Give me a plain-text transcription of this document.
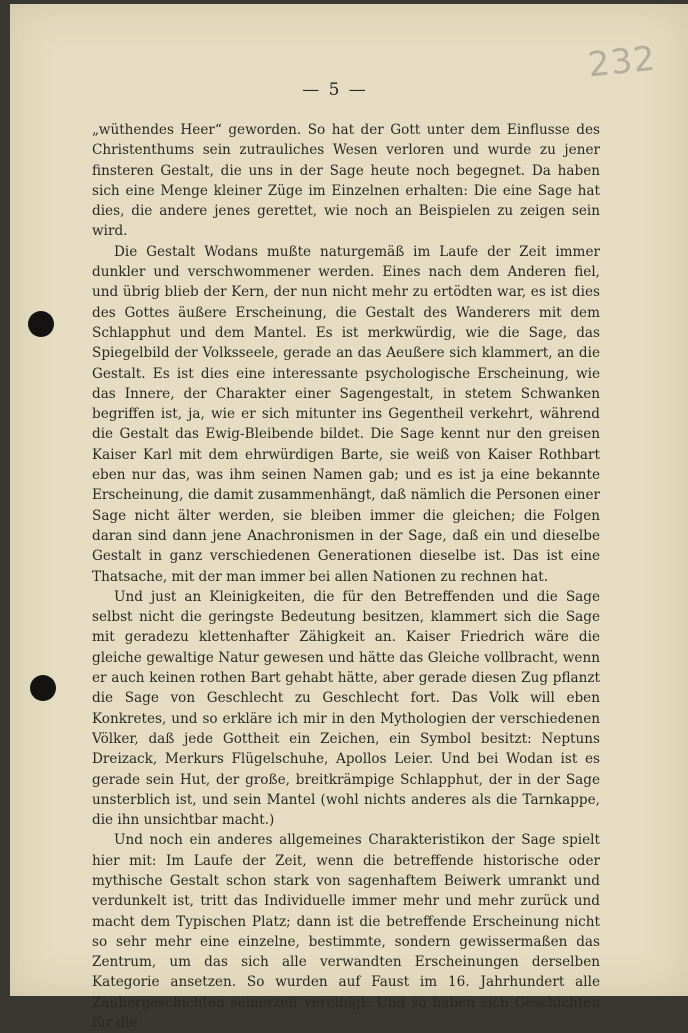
232
— 5 —

„wüthendes Heer“ geworden. So hat der Gott unter dem Einflusse des Christenthums sein zutrauliches Wesen verloren und wurde zu jener finsteren Gestalt, die uns in der Sage heute noch begegnet. Da haben sich eine Menge kleiner Züge im Einzelnen erhalten: Die eine Sage hat dies, die andere jenes gerettet, wie noch an Beispielen zu zeigen sein wird.

Die Gestalt Wodans mußte naturgemäß im Laufe der Zeit immer dunkler und verschwommener werden. Eines nach dem Anderen fiel, und übrig blieb der Kern, der nun nicht mehr zu ertödten war, es ist dies des Gottes äußere Erscheinung, die Gestalt des Wanderers mit dem Schlapphut und dem Mantel. Es ist merkwürdig, wie die Sage, das Spiegelbild der Volksseele, gerade an das Aeußere sich klammert, an die Gestalt. Es ist dies eine interessante psychologische Erscheinung, wie das Innere, der Charakter einer Sagengestalt, in stetem Schwanken begriffen ist, ja, wie er sich mitunter ins Gegentheil verkehrt, während die Gestalt das Ewig-Bleibende bildet. Die Sage kennt nur den greisen Kaiser Karl mit dem ehrwürdigen Barte, sie weiß von Kaiser Rothbart eben nur das, was ihm seinen Namen gab; und es ist ja eine bekannte Erscheinung, die damit zusammenhängt, daß nämlich die Personen einer Sage nicht älter werden, sie bleiben immer die gleichen; die Folgen daran sind dann jene Anachronismen in der Sage, daß ein und dieselbe Gestalt in ganz verschiedenen Generationen dieselbe ist. Das ist eine Thatsache, mit der man immer bei allen Nationen zu rechnen hat.

Und just an Kleinigkeiten, die für den Betreffenden und die Sage selbst nicht die geringste Bedeutung besitzen, klammert sich die Sage mit geradezu klettenhafter Zähigkeit an. Kaiser Friedrich wäre die gleiche gewaltige Natur gewesen und hätte das Gleiche vollbracht, wenn er auch keinen rothen Bart gehabt hätte, aber gerade diesen Zug pflanzt die Sage von Geschlecht zu Geschlecht fort. Das Volk will eben Konkretes, und so erkläre ich mir in den Mythologien der verschiedenen Völker, daß jede Gottheit ein Zeichen, ein Symbol besitzt: Neptuns Dreizack, Merkurs Flügelschuhe, Apollos Leier. Und bei Wodan ist es gerade sein Hut, der große, breitkrämpige Schlapphut, der in der Sage unsterblich ist, und sein Mantel (wohl nichts anderes als die Tarnkappe, die ihn unsichtbar macht.)

Und noch ein anderes allgemeines Charakteristikon der Sage spielt hier mit: Im Laufe der Zeit, wenn die betreffende historische oder mythische Gestalt schon stark von sagenhaftem Beiwerk umrankt und verdunkelt ist, tritt das Individuelle immer mehr und mehr zurück und macht dem Typischen Platz; dann ist die betreffende Erscheinung nicht so sehr mehr eine einzelne, bestimmte, sondern gewissermaßen das Zentrum, um das sich alle verwandten Erscheinungen derselben Kategorie ansetzen. So wurden auf Faust im 16. Jahrhundert alle Zaubergeschichten seinerzeit vereinigt. Und so haben sich Geschichten für die
